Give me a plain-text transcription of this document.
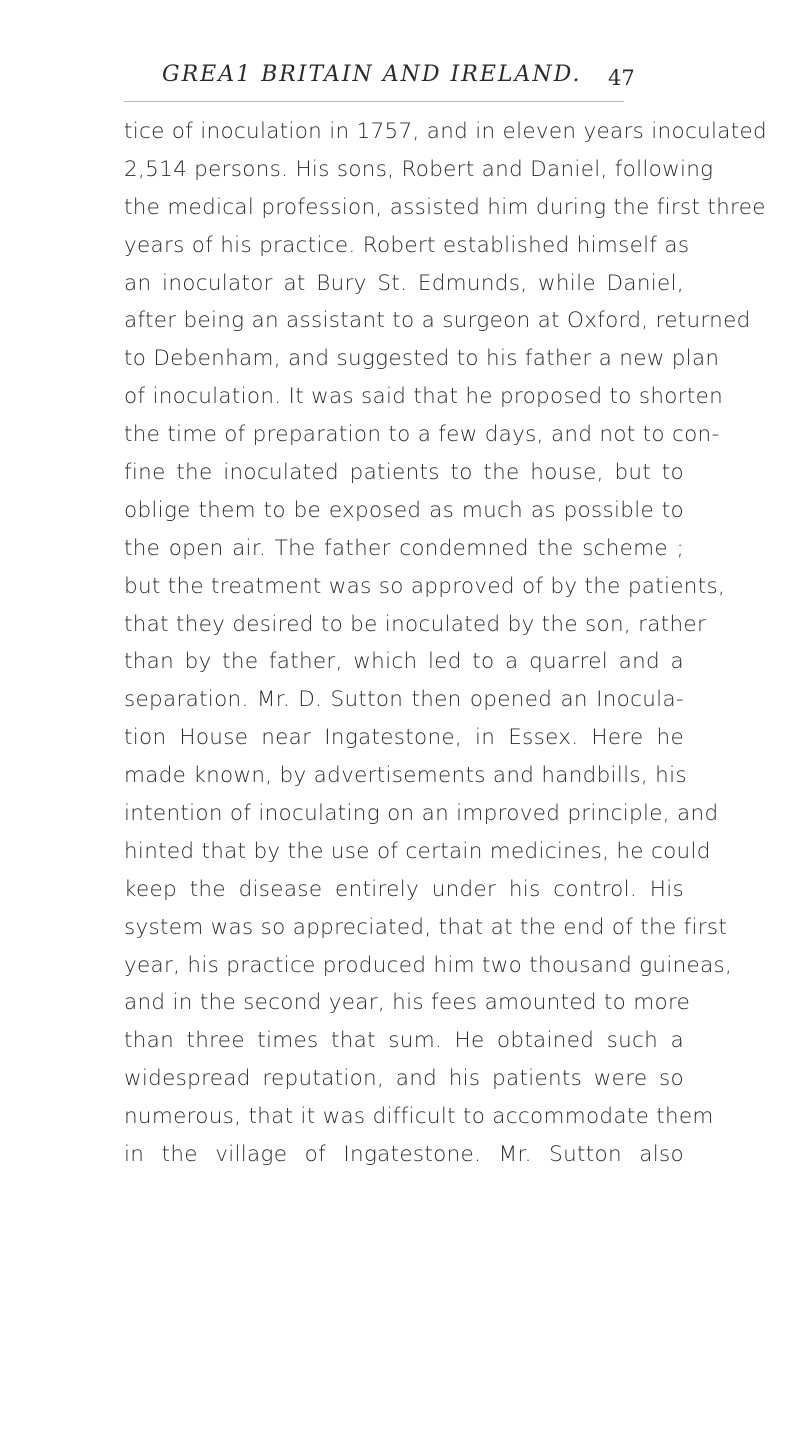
GREA1 BRITAIN AND IRELAND. 47
tice of inoculation in 1757, and in eleven years inoculated
2,514 persons. His sons, Robert and Daniel, following
the medical profession, assisted him during the first three
years of his practice. Robert established himself as
an inoculator at Bury St. Edmunds, while Daniel,
after being an assistant to a surgeon at Oxford, returned
to Debenham, and suggested to his father a new plan
of inoculation. It was said that he proposed to shorten
the time of preparation to a few days, and not to con-
fine the inoculated patients to the house, but to
oblige them to be exposed as much as possible to
the open air. The father condemned the scheme ;
but the treatment was so approved of by the patients,
that they desired to be inoculated by the son, rather
than by the father, which led to a quarrel and a
separation. Mr. D. Sutton then opened an Inocula-
tion House near Ingatestone, in Essex. Here he
made known, by advertisements and handbills, his
intention of inoculating on an improved principle, and
hinted that by the use of certain medicines, he could
keep the disease entirely under his control. His
system was so appreciated, that at the end of the first
year, his practice produced him two thousand guineas,
and in the second year, his fees amounted to more
than three times that sum. He obtained such a
widespread reputation, and his patients were so
numerous, that it was difficult to accommodate them
in the village of Ingatestone. Mr. Sutton also
